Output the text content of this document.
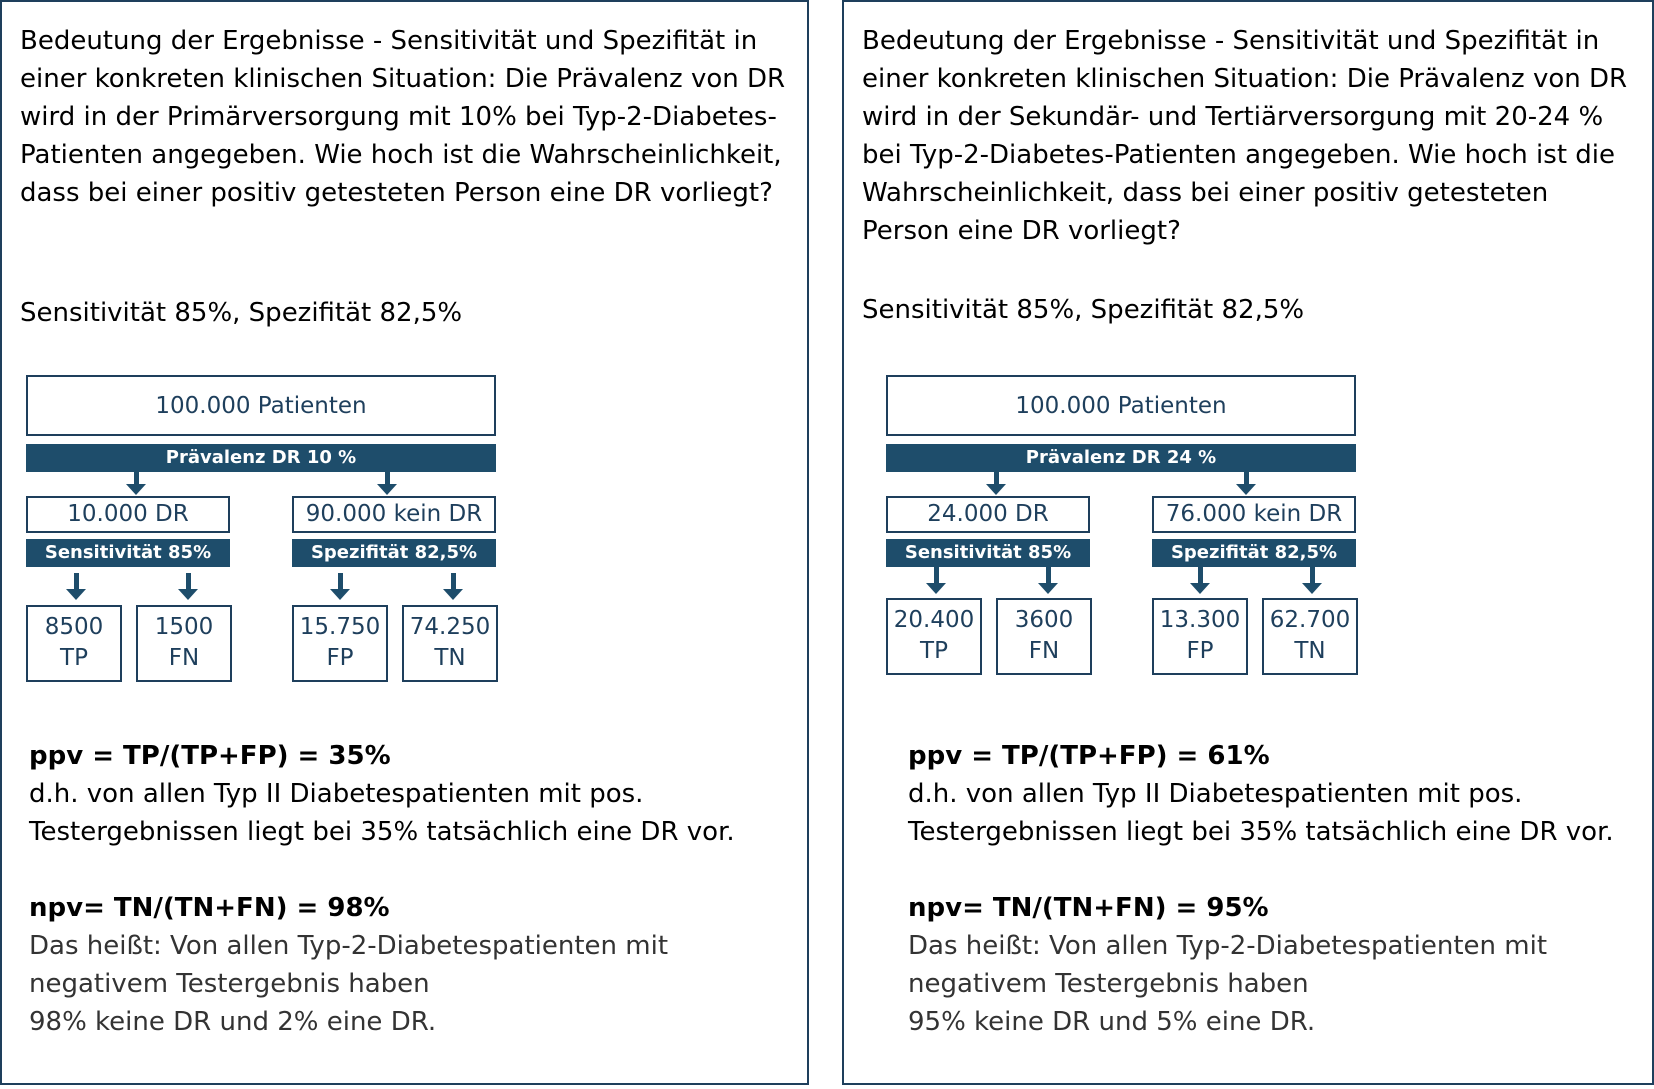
Bedeutung der Ergebnisse - Sensitivität und Spezifität in einer konkreten klinischen Situation: Die Prävalenz von DR wird in der Primärversorgung mit 10% bei Typ-2-Diabetes-Patienten angegeben. Wie hoch ist die Wahrscheinlichkeit, dass bei einer positiv getesteten Person eine DR vorliegt?

Sensitivität 85%, Spezifität 82,5%

100.000 Patienten
Prävalenz DR 10 %
10.000 DR	90.000 kein DR
Sensitivität 85%	Spezifität 82,5%
8500
TP
1500
FN
15.750
FP
74.250
TN
ppv = TP/(TP+FP) = 35%
d.h. von allen Typ II Diabetespatienten mit pos.
Testergebnissen liegt bei 35% tatsächlich eine DR vor.
npv= TN/(TN+FN) = 98%
Das heißt: Von allen Typ-2-Diabetespatienten mit
negativem Testergebnis haben
98% keine DR und 2% eine DR.

Bedeutung der Ergebnisse - Sensitivität und Spezifität in einer konkreten klinischen Situation: Die Prävalenz von DR wird in der Sekundär- und Tertiärversorgung mit 20-24 % bei Typ-2-Diabetes-Patienten angegeben. Wie hoch ist die Wahrscheinlichkeit, dass bei einer positiv getesteten Person eine DR vorliegt?

Sensitivität 85%, Spezifität 82,5%

100.000 Patienten
Prävalenz DR 24 %
24.000 DR	76.000 kein DR
Sensitivität 85%	Spezifität 82,5%
20.400
TP
3600
FN
13.300
FP
62.700
TN
ppv = TP/(TP+FP) = 61%
d.h. von allen Typ II Diabetespatienten mit pos.
Testergebnissen liegt bei 35% tatsächlich eine DR vor.
npv= TN/(TN+FN) = 95%
Das heißt: Von allen Typ-2-Diabetespatienten mit
negativem Testergebnis haben
95% keine DR und 5% eine DR.
